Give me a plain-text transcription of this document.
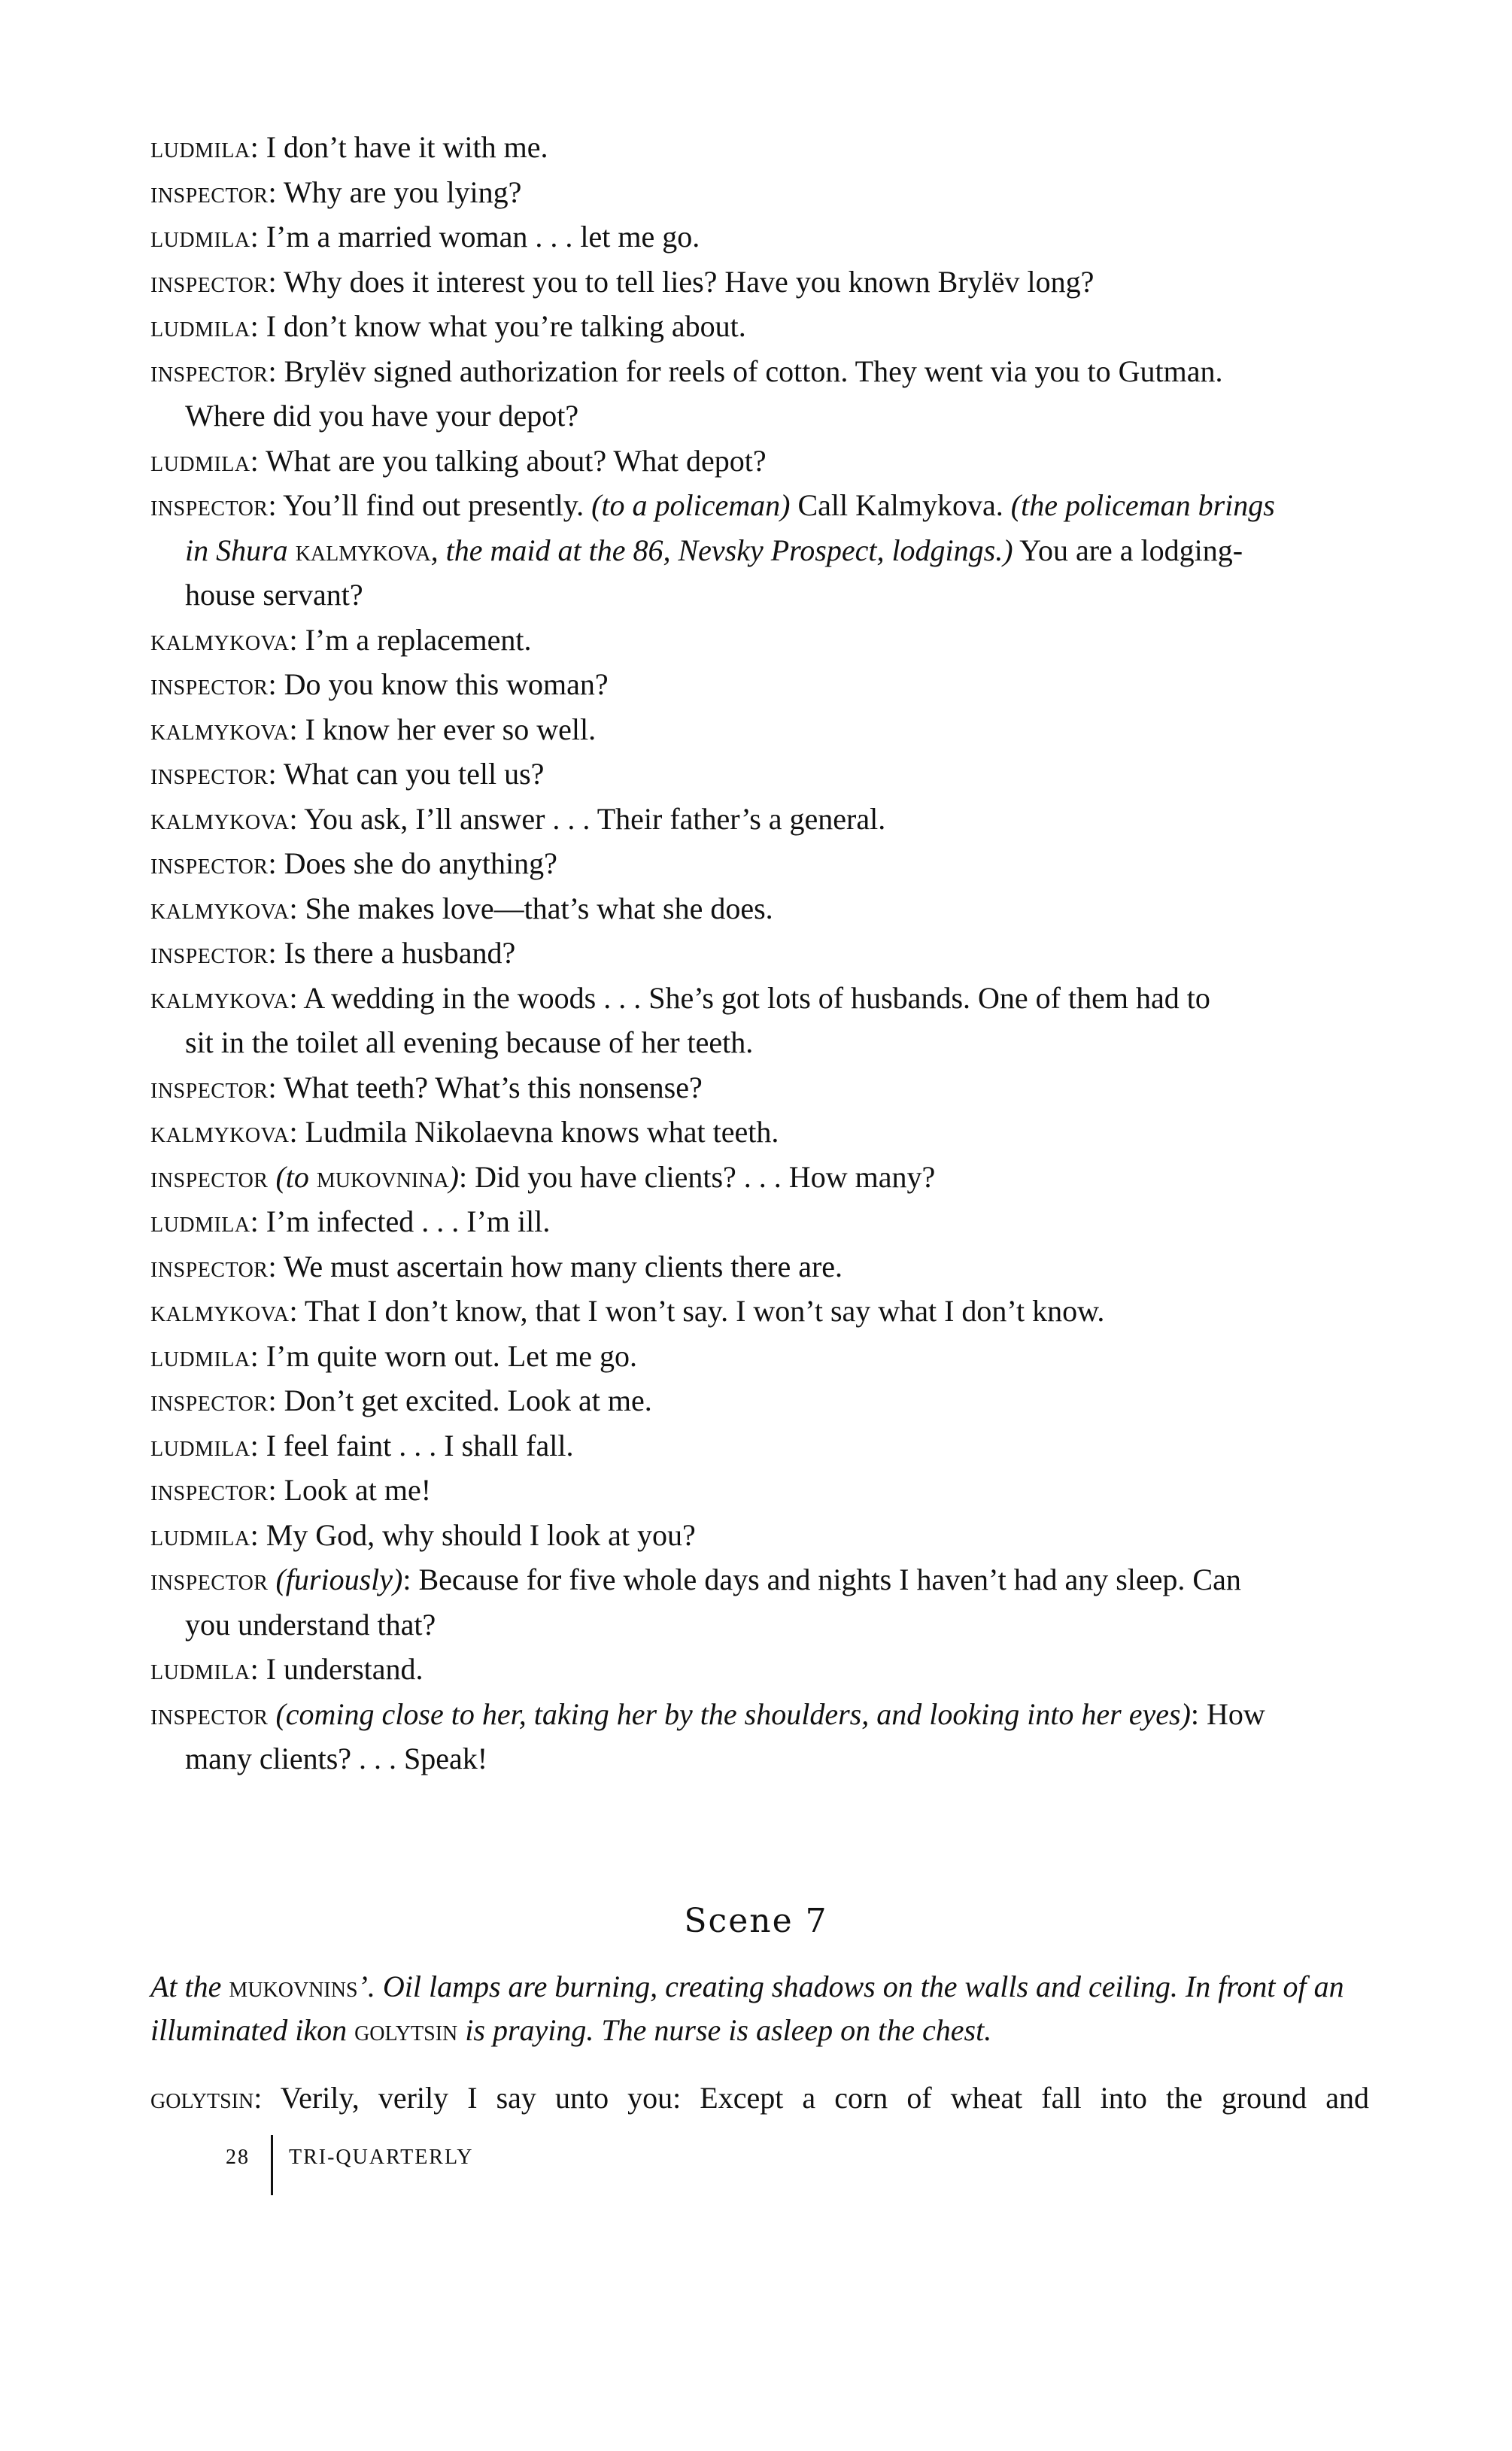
ludmila: I don’t have it with me.
inspector: Why are you lying?
ludmila: I’m a married woman . . . let me go.
inspector: Why does it interest you to tell lies? Have you known Brylëv long?
ludmila: I don’t know what you’re talking about.
inspector: Brylëv signed authorization for reels of cotton. They went via you to Gutman.
Where did you have your depot?
ludmila: What are you talking about? What depot?
inspector: You’ll find out presently. (to a policeman) Call Kalmykova. (the policeman brings
in Shura kalmykova, the maid at the 86, Nevsky Prospect, lodgings.) You are a lodging-
house servant?
kalmykova: I’m a replacement.
inspector: Do you know this woman?
kalmykova: I know her ever so well.
inspector: What can you tell us?
kalmykova: You ask, I’ll answer . . . Their father’s a general.
inspector: Does she do anything?
kalmykova: She makes love—that’s what she does.
inspector: Is there a husband?
kalmykova: A wedding in the woods . . . She’s got lots of husbands. One of them had to
sit in the toilet all evening because of her teeth.
inspector: What teeth? What’s this nonsense?
kalmykova: Ludmila Nikolaevna knows what teeth.
inspector (to mukovnina): Did you have clients? . . . How many?
ludmila: I’m infected . . . I’m ill.
inspector: We must ascertain how many clients there are.
kalmykova: That I don’t know, that I won’t say. I won’t say what I don’t know.
ludmila: I’m quite worn out. Let me go.
inspector: Don’t get excited. Look at me.
ludmila: I feel faint . . . I shall fall.
inspector: Look at me!
ludmila: My God, why should I look at you?
inspector (furiously): Because for five whole days and nights I haven’t had any sleep. Can
you understand that?
ludmila: I understand.
inspector (coming close to her, taking her by the shoulders, and looking into her eyes): How
many clients? . . . Speak!
Scene 7
At the mukovnins’. Oil lamps are burning, creating shadows on the walls and ceiling. In front of an illuminated ikon golytsin is praying. The nurse is asleep on the chest.
golytsin: Verily, verily I say unto you: Except a corn of wheat fall into the ground and
28 TRI-QUARTERLY
